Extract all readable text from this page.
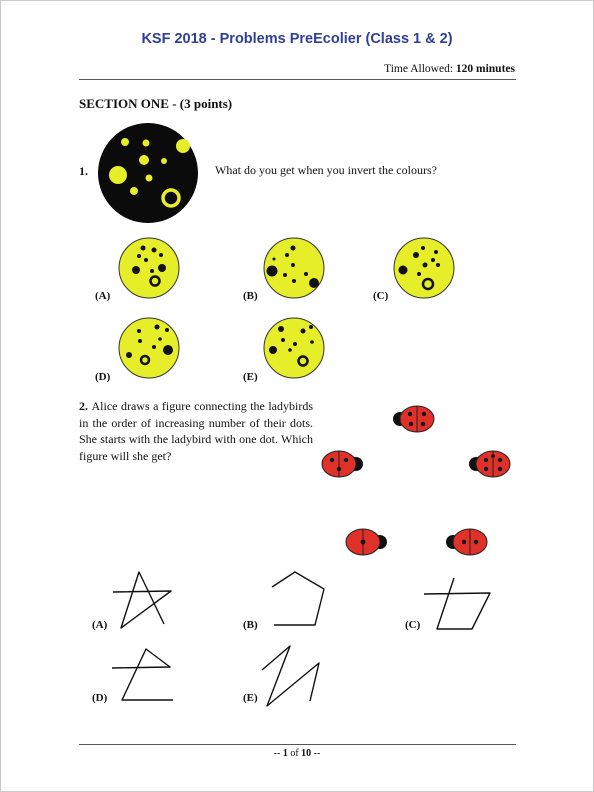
KSF 2018 - Problems PreEcolier (Class 1 & 2)
Time Allowed: 120 minutes
SECTION ONE - (3 points)
1.	What do you get when you invert the colours?
(A)	(B)	(C)
(D)	(E)
2. Alice draws a figure connecting the ladybirds in the order of increasing number of their dots. She starts with the ladybird with one dot. Which figure will she get?
(A)	(B)	(C)
(D)	(E)
-- 1 of 10 --
